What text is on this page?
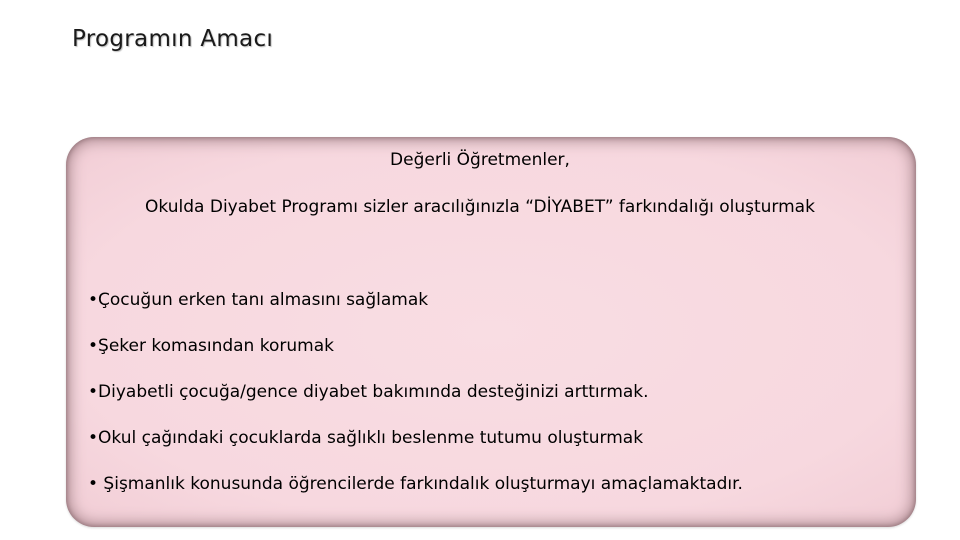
Programın Amacı
Değerli Öğretmenler,
Okulda Diyabet Programı sizler aracılığınızla “DİYABET” farkındalığı oluşturmak
•Çocuğun erken tanı almasını sağlamak
•Şeker komasından korumak
•Diyabetli çocuğa/gence diyabet bakımında desteğinizi arttırmak.
•Okul çağındaki çocuklarda sağlıklı beslenme tutumu oluşturmak
• Şişmanlık konusunda öğrencilerde farkındalık oluşturmayı amaçlamaktadır.
